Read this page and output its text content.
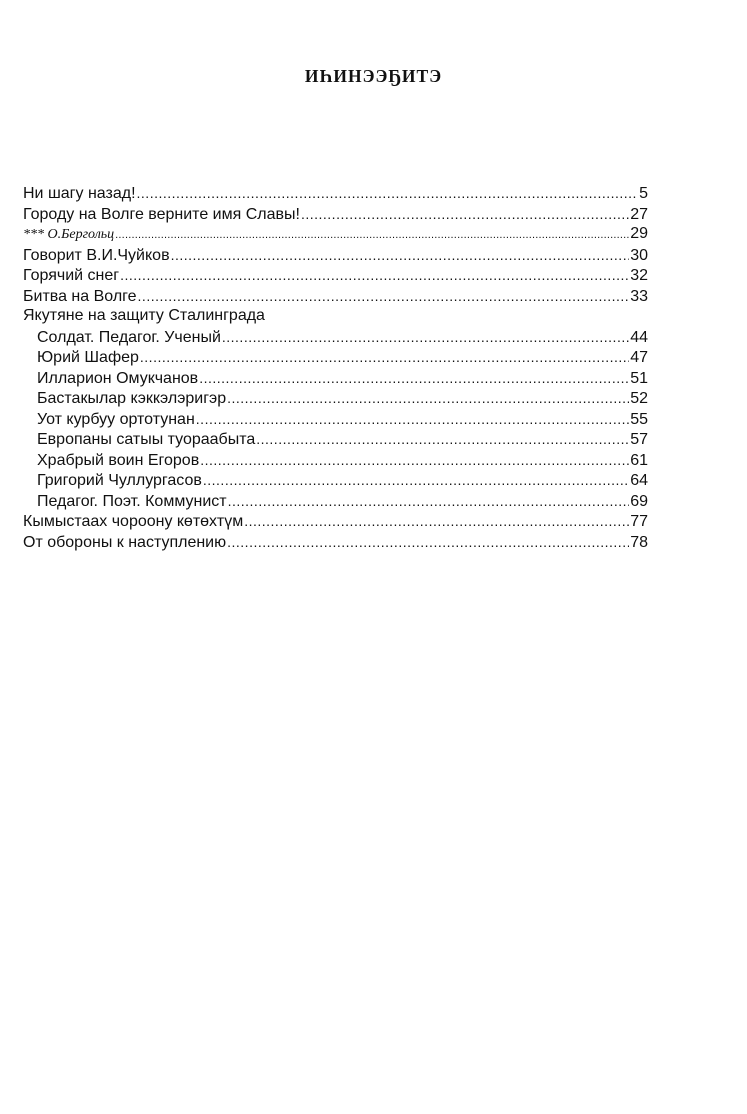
ИҺИНЭЭҔИТЭ
Ни шагу назад! .....	5
Городу на Волге верните имя Славы! .....	27
*** О.Бергольц .....	29
Говорит В.И.Чуйков .....	30
Горячий снег .....	32
Битва на Волге .....	33
Якутяне на защиту Сталинграда
Солдат. Педагог. Ученый .....	44
Юрий Шафер .....	47
Илларион Омукчанов .....	51
Бастакылар кэккэлэригэр .....	52
Уот курбуу ортотунан .....	55
Европаны сатыы туораабыта .....	57
Храбрый воин Егоров .....	61
Григорий Чуллургасов .....	64
Педагог. Поэт. Коммунист .....	69
Кымыстаах чороону көтөхтүм .....	77
От обороны к наступлению .....	78
